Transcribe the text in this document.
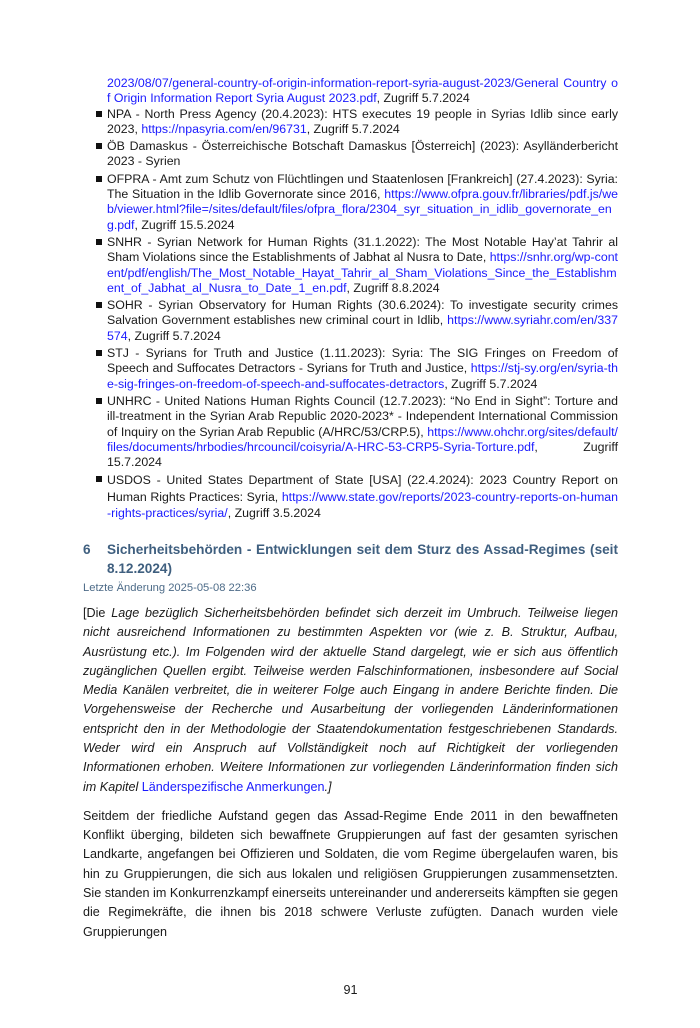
2023/08/07/general-country-of-origin-information-report-syria-august-2023/General Country of Origin Information Report Syria August 2023.pdf, Zugriff 5.7.2024
NPA - North Press Agency (20.4.2023): HTS executes 19 people in Syrias Idlib since early 2023, https://npasyria.com/en/96731, Zugriff 5.7.2024
ÖB Damaskus - Österreichische Botschaft Damaskus [Österreich] (2023): Asylländerbericht 2023 - Syrien
OFPRA - Amt zum Schutz von Flüchtlingen und Staatenlosen [Frankreich] (27.4.2023): Syria: The Situation in the Idlib Governorate since 2016, https://www.ofpra.gouv.fr/libraries/pdf.js/web/viewer.html?file=/sites/default/files/ofpra_flora/2304_syr_situation_in_idlib_governorate_eng.pdf, Zugriff 15.5.2024
SNHR - Syrian Network for Human Rights (31.1.2022): The Most Notable Hay’at Tahrir al Sham Violations since the Establishments of Jabhat al Nusra to Date, https://snhr.org/wp-content/pdf/english/The_Most_Notable_Hayat_Tahrir_al_Sham_Violations_Since_the_Establishment_of_Jabhat_al_Nusra_to_Date_1_en.pdf, Zugriff 8.8.2024
SOHR - Syrian Observatory for Human Rights (30.6.2024): To investigate security crimes Salvation Government establishes new criminal court in Idlib, https://www.syriahr.com/en/337574, Zugriff 5.7.2024
STJ - Syrians for Truth and Justice (1.11.2023): Syria: The SIG Fringes on Freedom of Speech and Suffocates Detractors - Syrians for Truth and Justice, https://stj-sy.org/en/syria-the-sig-fringes-on-freedom-of-speech-and-suffocates-detractors, Zugriff 5.7.2024
UNHRC - United Nations Human Rights Council (12.7.2023): “No End in Sight”: Torture and ill-treatment in the Syrian Arab Republic 2020-2023* - Independent International Commission of Inquiry on the Syrian Arab Republic (A/HRC/53/CRP.5), https://www.ohchr.org/sites/default/files/documents/hrbodies/hrcouncil/coisyria/A-HRC-53-CRP5-Syria-Torture.pdf, Zugriff 15.7.2024
USDOS - United States Department of State [USA] (22.4.2024): 2023 Country Report on Human Rights Practices: Syria, https://www.state.gov/reports/2023-country-reports-on-human-rights-practices/syria/, Zugriff 3.5.2024
6	Sicherheitsbehörden - Entwicklungen seit dem Sturz des Assad-Regimes (seit 8.12.2024)
Letzte Änderung 2025-05-08 22:36

[Die Lage bezüglich Sicherheitsbehörden befindet sich derzeit im Umbruch. Teilweise liegen nicht ausreichend Informationen zu bestimmten Aspekten vor (wie z. B. Struktur, Aufbau, Ausrüstung etc.). Im Folgenden wird der aktuelle Stand dargelegt, wie er sich aus öffentlich zugänglichen Quellen ergibt. Teilweise werden Falschinformationen, insbesondere auf Social Media Kanälen verbreitet, die in weiterer Folge auch Eingang in andere Berichte finden. Die Vorgehensweise der Recherche und Ausarbeitung der vorliegenden Länderinformationen entspricht den in der Methodologie der Staatendokumentation festgeschriebenen Standards. Weder wird ein Anspruch auf Vollständigkeit noch auf Richtigkeit der vorliegenden Informationen erhoben. Weitere Informationen zur vorliegenden Länderinformation finden sich im Kapitel Länderspezifische Anmerkungen.]

Seitdem der friedliche Aufstand gegen das Assad-Regime Ende 2011 in den bewaffneten Konflikt überging, bildeten sich bewaffnete Gruppierungen auf fast der gesamten syrischen Landkarte, angefangen bei Offizieren und Soldaten, die vom Regime übergelaufen waren, bis hin zu Gruppierungen, die sich aus lokalen und religiösen Gruppierungen zusammensetzten. Sie standen im Konkurrenzkampf einerseits untereinander und andererseits kämpften sie gegen die Regimekräfte, die ihnen bis 2018 schwere Verluste zufügten. Danach wurden viele Gruppierungen

91
